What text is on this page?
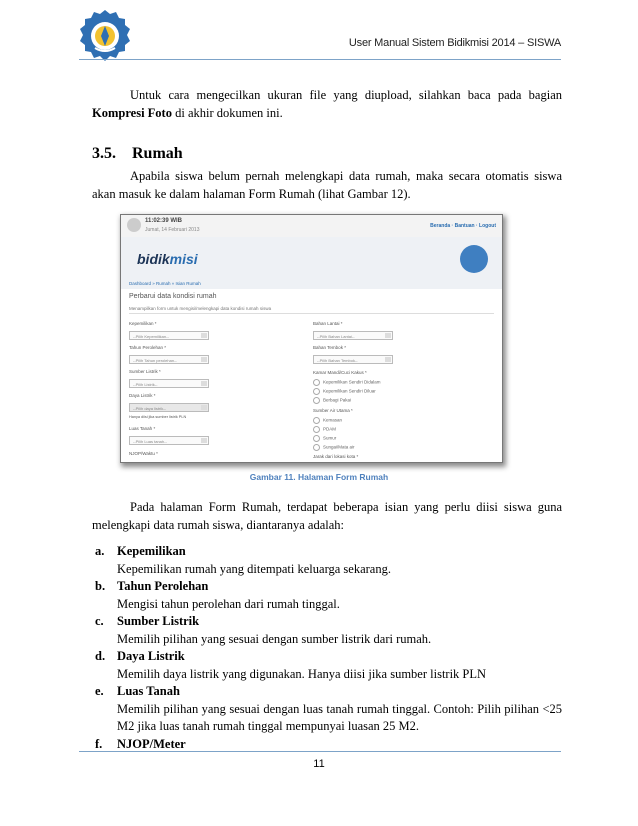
User Manual Sistem Bidikmisi 2014 – SISWA
Untuk cara mengecilkan ukuran file yang diupload, silahkan baca pada bagian Kompresi Foto di akhir dokumen ini.
3.5. Rumah
Apabila siswa belum pernah melengkapi data rumah, maka secara otomatis siswa akan masuk ke dalam halaman Form Rumah (lihat Gambar 12).
11:02:39 WIB
Jumat, 14 Februari 2013
Beranda · Bantuan · Logout
bidikmisi
Dashboard » Rumah » Isian Rumah
Perbarui data kondisi rumah
Menampilkan form untuk mengisi/melengkapi data kondisi rumah siswa
Kepemilikan *
--Pilih Kepemilikan--
Tahun Perolehan *
--Pilih Tahun perolehan--
Sumber Listrik *
--Pilih Listrik--
Daya Listrik *
--Pilih daya listrik--
Hanya diisi jika sumber listrik PLN
Luas Tanah *
--Pilih Luas tanah--
NJOP/Waktu *
Bahan Lantai *
--Pilih Bahan Lantai--
Bahan Tembok *
--Pilih Bahan Tembok--
Kamar Mandi/Cuci Kakus *
Kepemilikan Sendiri Didalam
Kepemilikan Sendiri Diluar
Berbagi Pakai
Sumber Air Utama *
Kemasan
PDAM
Sumur
Sungai/Mata air
Jarak dari lokasi kota *
Gambar 11. Halaman Form Rumah
Pada halaman Form Rumah, terdapat beberapa isian yang perlu diisi siswa guna melengkapi data rumah siswa, diantaranya adalah:
a. Kepemilikan
Kepemilikan rumah yang ditempati keluarga sekarang.
b. Tahun Perolehan
Mengisi tahun perolehan dari rumah tinggal.
c. Sumber Listrik
Memilih pilihan yang sesuai dengan sumber listrik dari rumah.
d. Daya Listrik
Memilih daya listrik yang digunakan. Hanya diisi jika sumber listrik PLN
e. Luas Tanah
Memilih pilihan yang sesuai dengan luas tanah rumah tinggal. Contoh: Pilih pilihan <25 M2 jika luas tanah rumah tinggal mempunyai luasan 25 M2.
f. NJOP/Meter
11
